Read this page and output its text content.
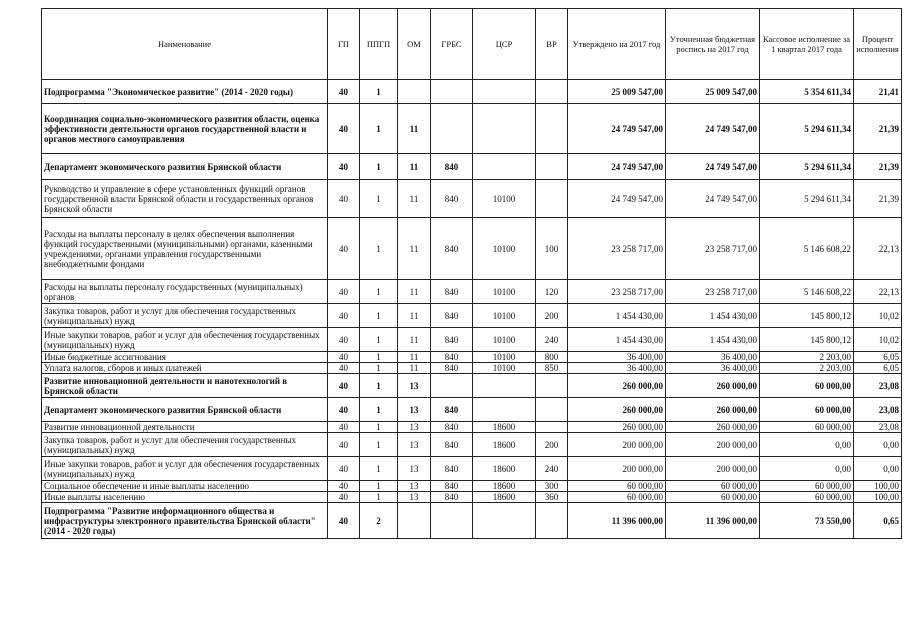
Наименование	ГП	ППГП	ОМ	ГРБС	ЦСР	ВР	Утверждено на 2017 год	Уточненная бюджетная роспись на 2017 год	Кассовое исполнение за 1 квартал 2017 года	Процент исполнения
Подпрограмма "Экономическое развитие" (2014 - 2020 годы)	40	1					25 009 547,00	25 009 547,00	5 354 611,34	21,41
Координация социально-экономического развития области, оценка эффективности деятельности органов государственной власти и органов местного самоуправления	40	1	11				24 749 547,00	24 749 547,00	5 294 611,34	21,39
Департамент экономического развития Брянской области	40	1	11	840			24 749 547,00	24 749 547,00	5 294 611,34	21,39
Руководство и управление в сфере установленных функций органов государственной власти Брянской области и государственных органов Брянской области	40	1	11	840	10100		24 749 547,00	24 749 547,00	5 294 611,34	21,39
Расходы на выплаты персоналу в целях обеспечения выполнения функций государственными (муниципальными) органами, казенными учреждениями, органами управления государственными внебюджетными фондами	40	1	11	840	10100	100	23 258 717,00	23 258 717,00	5 146 608,22	22,13
Расходы на выплаты персоналу государственных (муниципальных) органов	40	1	11	840	10100	120	23 258 717,00	23 258 717,00	5 146 608,22	22,13
Закупка товаров, работ и услуг для обеспечения государственных (муниципальных) нужд	40	1	11	840	10100	200	1 454 430,00	1 454 430,00	145 800,12	10,02
Иные закупки товаров, работ и услуг для обеспечения государственных (муниципальных) нужд	40	1	11	840	10100	240	1 454 430,00	1 454 430,00	145 800,12	10,02
Иные бюджетные ассигнования	40	1	11	840	10100	800	36 400,00	36 400,00	2 203,00	6,05
Уплата налогов, сборов и иных платежей	40	1	11	840	10100	850	36 400,00	36 400,00	2 203,00	6,05
Развитие инновационной деятельности и нанотехнологий в Брянской области	40	1	13				260 000,00	260 000,00	60 000,00	23,08
Департамент экономического развития Брянской области	40	1	13	840			260 000,00	260 000,00	60 000,00	23,08
Развитие инновационной деятельности	40	1	13	840	18600		260 000,00	260 000,00	60 000,00	23,08
Закупка товаров, работ и услуг для обеспечения государственных (муниципальных) нужд	40	1	13	840	18600	200	200 000,00	200 000,00	0,00	0,00
Иные закупки товаров, работ и услуг для обеспечения государственных (муниципальных) нужд	40	1	13	840	18600	240	200 000,00	200 000,00	0,00	0,00
Социальное обеспечение и иные выплаты населению	40	1	13	840	18600	300	60 000,00	60 000,00	60 000,00	100,00
Иные выплаты населению	40	1	13	840	18600	360	60 000,00	60 000,00	60 000,00	100,00
Подпрограмма "Развитие информационного общества и инфраструктуры электронного правительства Брянской области" (2014 - 2020 годы)	40	2					11 396 000,00	11 396 000,00	73 550,00	0,65
